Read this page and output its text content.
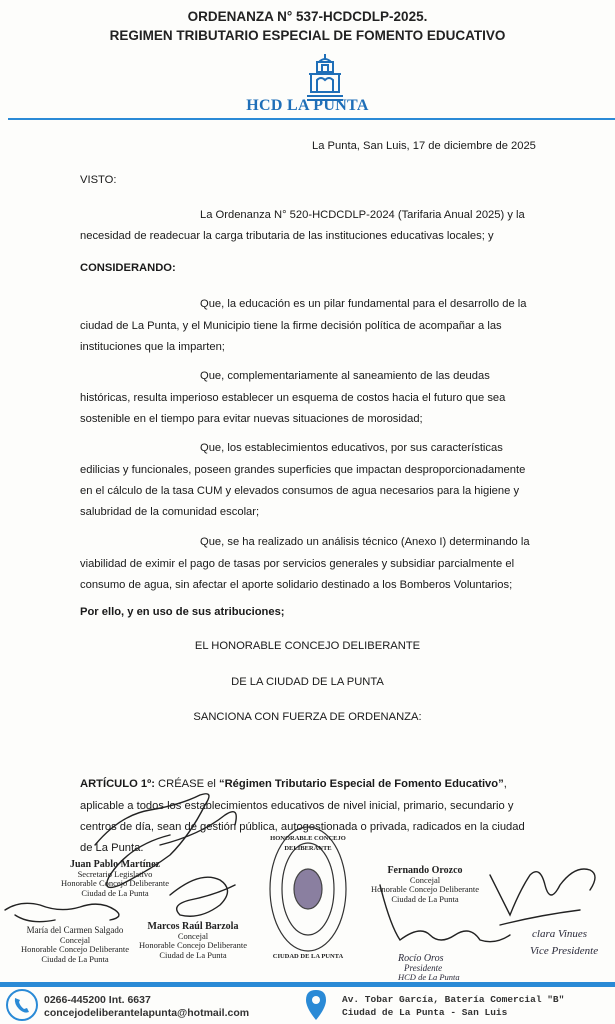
ORDENANZA N° 537-HCDCDLP-2025.
REGIMEN TRIBUTARIO ESPECIAL DE FOMENTO EDUCATIVO
HCD LA PUNTA
La Punta, San Luis, 17 de diciembre de 2025
VISTO:
La Ordenanza N° 520-HCDCDLP-2024 (Tarifaria Anual 2025) y la
necesidad de readecuar la carga tributaria de las instituciones educativas locales; y
CONSIDERANDO:
Que, la educación es un pilar fundamental para el desarrollo de la
ciudad de La Punta, y el Municipio tiene la firme decisión política de acompañar a las
instituciones que la imparten;
Que, complementariamente al saneamiento de las deudas
históricas, resulta imperioso establecer un esquema de costos hacia el futuro que sea
sostenible en el tiempo para evitar nuevas situaciones de morosidad;
Que, los establecimientos educativos, por sus características
edilicias y funcionales, poseen grandes superficies que impactan desproporcionadamente
en el cálculo de la tasa CUM y elevados consumos de agua necesarios para la higiene y
salubridad de la comunidad escolar;
Que, se ha realizado un análisis técnico (Anexo I) determinando la
viabilidad de eximir el pago de tasas por servicios generales y subsidiar parcialmente el
consumo de agua, sin afectar el aporte solidario destinado a los Bomberos Voluntarios;
Por ello, y en uso de sus atribuciones;
EL HONORABLE CONCEJO DELIBERANTE
DE LA CIUDAD DE LA PUNTA
SANCIONA CON FUERZA DE ORDENANZA:
ARTÍCULO 1º: CRÉASE el “Régimen Tributario Especial de Fomento Educativo”,
aplicable a todos los establecimientos educativos de nivel inicial, primario, secundario y
centros de día, sean de gestión pública, autogestionada o privada, radicados en la ciudad
de La Punta.
Juan Pablo Martínez
Secretario Legislativo
Honorable Concejo Deliberante
Ciudad de La Punta
María del Carmen Salgado
Concejal
Honorable Concejo Deliberante
Ciudad de La Punta
Marcos Raúl Barzola
Concejal
Honorable Concejo Deliberante
Ciudad de La Punta
Fernando Orozco
Concejal
Honorable Concejo Deliberante
Ciudad de La Punta
HONORABLE CONCEJO DELIBERANTE
CIUDAD DE LA PUNTA	Rocío Oros
Presidente
HCD de La Punta
clara Vinues
Vice Presidente
0266-445200 Int. 6637
concejodeliberantelapunta@hotmail.com
Av. Tobar García, Batería Comercial "B"
Ciudad de La Punta - San Luis
